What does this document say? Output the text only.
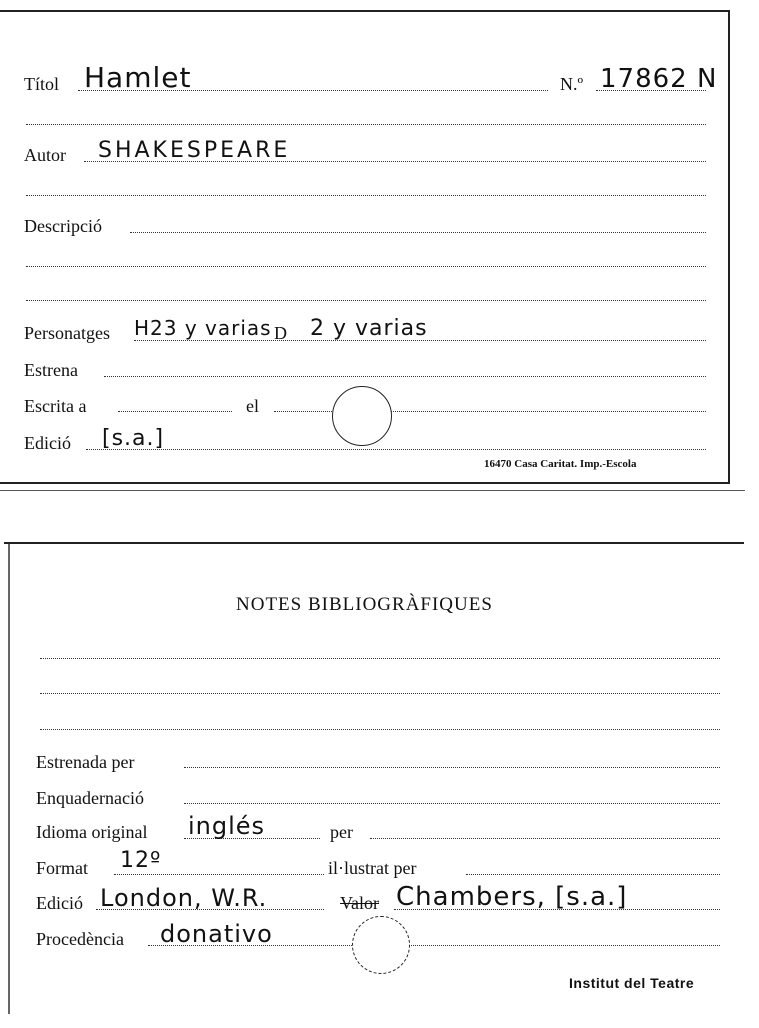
Títol Hamlet	N.º 17862 N
Autor SHAKESPEARE
Descripció
Personatges H23 y varias D 2 y varias
Estrena
Escrita a	el
Edició [s.a.]
16470 Casa Caritat. Imp.-Escola
NOTES BIBLIOGRÀFIQUES
Estrenada per
Enquadernació
Idioma original inglés	per
Format 12º	il·lustrat per
Edició London, W.R.	Valor Chambers, [s.a.]
Procedència donativo
Institut del Teatre
